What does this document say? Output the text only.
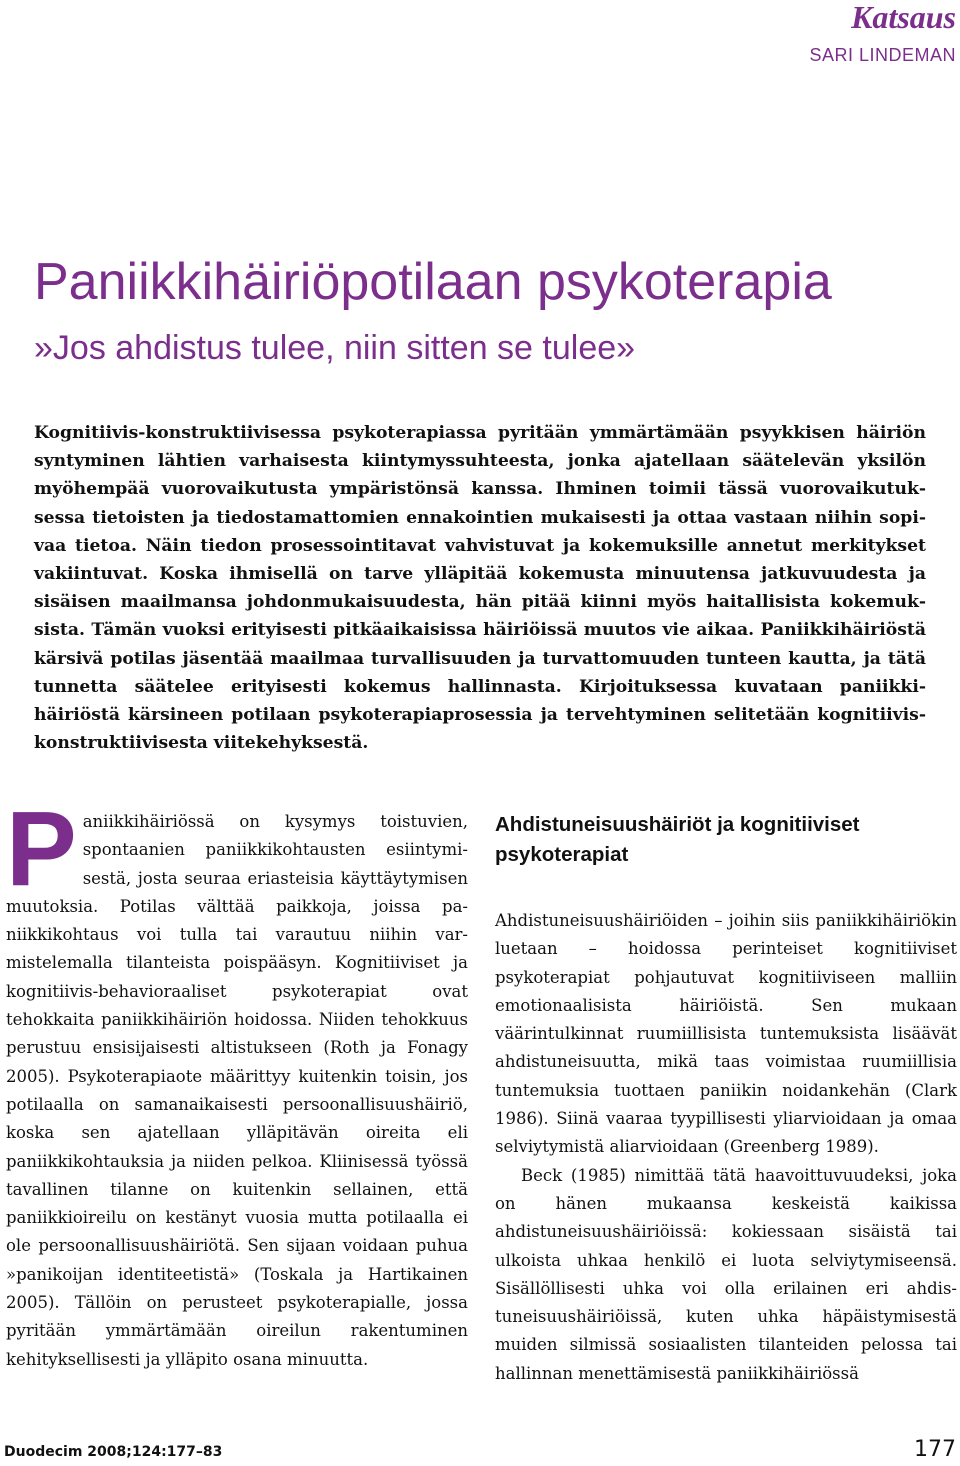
Katsaus
SARI LINDEMAN
Paniikkihäiriöpotilaan psykoterapia
»Jos ahdistus tulee, niin sitten se tulee»

Kognitiivis-konstruktiivisessa psykoterapiassa pyritään ymmärtämään psyykkisen häiriön syntyminen lähtien varhaisesta kiintymyssuhteesta, jonka ajatellaan säätelevän yksilön myöhempää vuorovaikutusta ympäristönsä kanssa. Ihminen toimii tässä vuorovaikutuksessa tietoisten ja tiedostamattomien ennakointien mukaisesti ja ottaa vastaan niihin sopivaa tietoa. Näin tiedon prosessointitavat vahvistuvat ja kokemuksille annetut merkitykset vakiintuvat. Koska ihmisellä on tarve ylläpitää kokemusta minuutensa jatkuvuudesta ja sisäisen maailmansa johdonmukaisuudesta, hän pitää kiinni myös haitallisista kokemuksista. Tämän vuoksi erityisesti pitkäaikaisissa häiriöissä muutos vie aikaa. Paniikkihäiriöstä kärsivä potilas jäsentää maailmaa turvallisuuden ja turvattomuuden tunteen kautta, ja tätä tunnetta säätelee erityisesti kokemus hallinnasta. Kirjoituksessa kuvataan paniikkihäiriöstä kärsineen potilaan psykoterapiaprosessia ja tervehtyminen selitetään kognitiiviskonstruktiivisesta viitekehyksestä.

Paniikkihäiriössä on kysymys toistuvien, spontaanien paniikkikohtausten esiintymisestä, josta seuraa eriasteisia käyttäytymisen muutoksia. Potilas välttää paikkoja, joissa paniikkikohtaus voi tulla tai varautuu niihin varmistelemalla tilanteista poispääsyn. Kognitiiviset ja kognitiivis-behavioraaliset psykoterapiat ovat tehokkaita paniikkihäiriön hoidossa. Niiden tehokkuus perustuu ensisijaisesti altistukseen (Roth ja Fonagy 2005). Psykoterapiaote määrittyy kuitenkin toisin, jos potilaalla on samanaikaisesti persoonallisuushäiriö, koska sen ajatellaan ylläpitävän oireita eli paniikkikohtauksia ja niiden pelkoa. Kliinisessä työssä tavallinen tilanne on kuitenkin sellainen, että paniikkioireilu on kestänyt vuosia mutta potilaalla ei ole persoonallisuushäiriötä. Sen sijaan voidaan puhua »panikoijan identiteetistä» (Toskala ja Hartikainen 2005). Tällöin on perusteet psykoterapialle, jossa pyritään ymmärtämään oireilun rakentuminen kehityksellisesti ja ylläpito osana minuutta.

Ahdistuneisuushäiriöt ja kognitiiviset psykoterapiat

Ahdistuneisuushäiriöiden – joihin siis paniikkihäiriökin luetaan – hoidossa perinteiset kognitiiviset psykoterapiat pohjautuvat kognitiiviseen malliin emotionaalisista häiriöistä. Sen mukaan väärintulkinnat ruumiillisista tuntemuksista lisäävät ahdistuneisuutta, mikä taas voimistaa ruumiillisia tuntemuksia tuottaen paniikin noidankehän (Clark 1986). Siinä vaaraa tyypillisesti yliarvioidaan ja omaa selviytymistä aliarvioidaan (Greenberg 1989).

Beck (1985) nimittää tätä haavoittuvuudeksi, joka on hänen mukaansa keskeistä kaikissa ahdistuneisuushäiriöissä: kokiessaan sisäistä tai ulkoista uhkaa henkilö ei luota selviytymiseensä. Sisällöllisesti uhka voi olla erilainen eri ahdistuneisuushäiriöissä, kuten uhka häpäistymisestä muiden silmissä sosiaalisten tilanteiden pelossa tai hallinnan menettämisestä paniikkihäiriössä

Duodecim 2008;124:177–83	177
